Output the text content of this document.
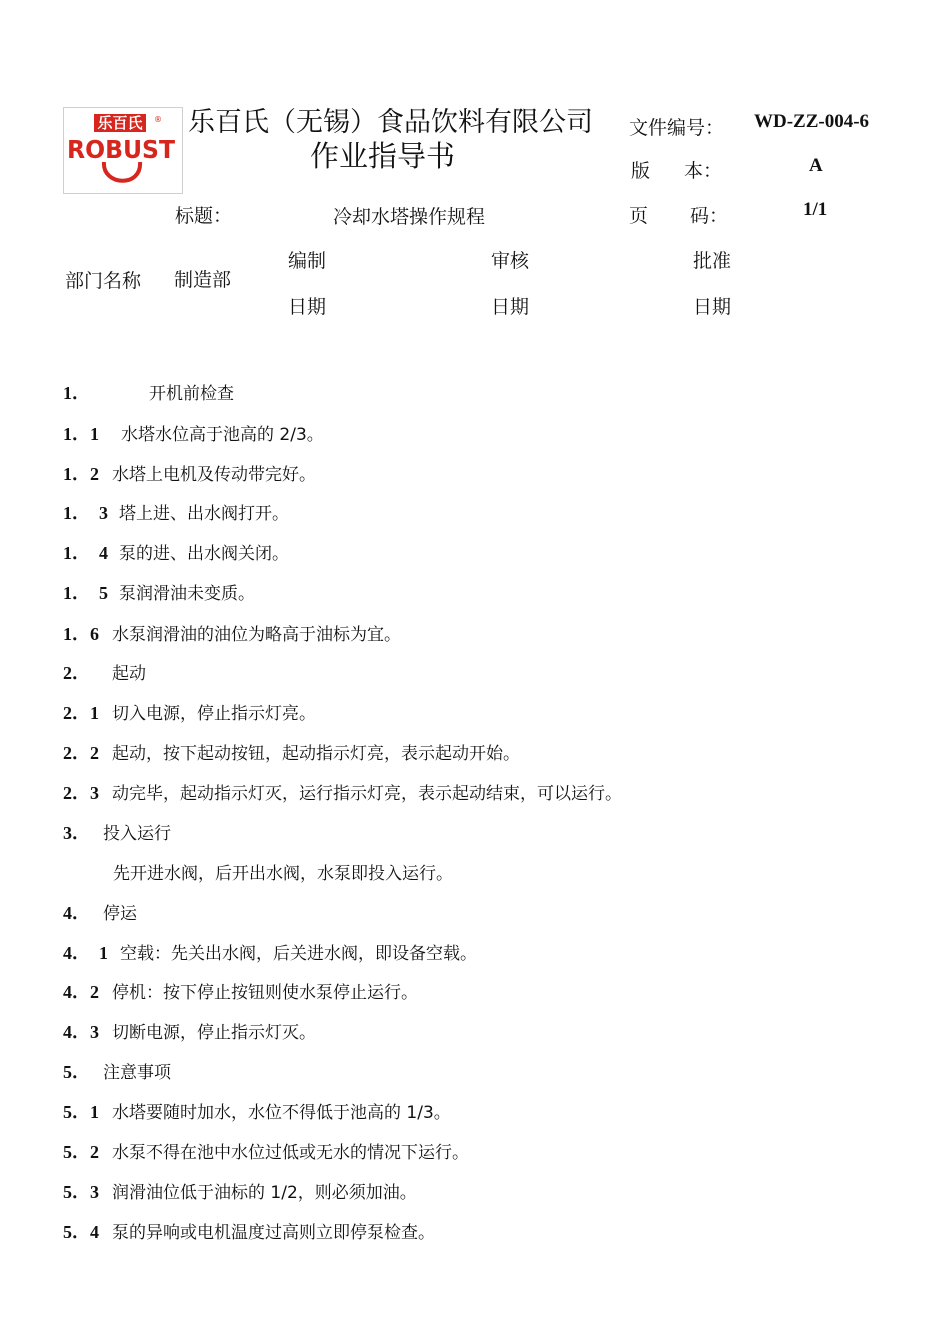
乐百氏 ®
ROBUST
乐百氏（无锡）食品饮料有限公司
作业指导书
文件编号： WD-ZZ-004-6
版 本：	A
页 码：	1/1
标题：	冷却水塔操作规程
部门名称 制造部
编制	审核	批准
日期	日期	日期
1．	开机前检查
1．1 水塔水位高于池高的 2/3。
1．2 水塔上电机及传动带完好。
1．  3 塔上进、出水阀打开。
1．  4 泵的进、出水阀关闭。
1．  5 泵润滑油未变质。
1．6 水泵润滑油的油位为略高于油标为宜。
2． 起动
2．1 切入电源，停止指示灯亮。
2．2 起动，按下起动按钮，起动指示灯亮，表示起动开始。
2．3 动完毕，起动指示灯灭，运行指示灯亮，表示起动结束，可以运行。
3． 投入运行
先开进水阀，后开出水阀，水泵即投入运行。
4． 停运
4．  1 空载：先关出水阀，后关进水阀，即设备空载。
4．2 停机：按下停止按钮则使水泵停止运行。
4．3 切断电源，停止指示灯灭。
5． 注意事项
5．1 水塔要随时加水，水位不得低于池高的 1/3。
5．2 水泵不得在池中水位过低或无水的情况下运行。
5．3 润滑油位低于油标的 1/2，则必须加油。
5．4 泵的异响或电机温度过高则立即停泵检查。
